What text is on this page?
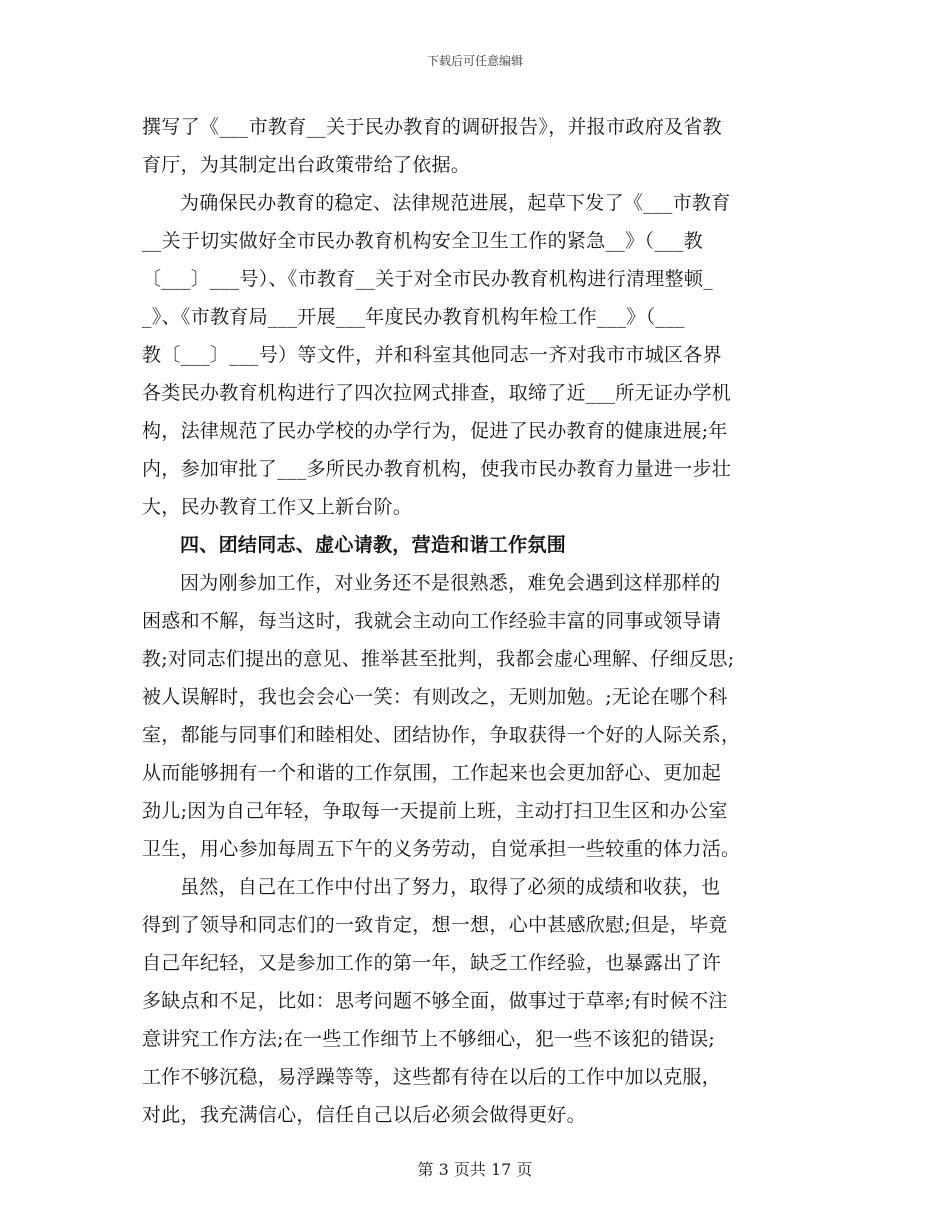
下载后可任意编辑
撰写了《___市教育__关于民办教育的调研报告》，并报市政府及省教
育厅，为其制定出台政策带给了依据。
为确保民办教育的稳定、法律规范进展，起草下发了《___市教育
__关于切实做好全市民办教育机构安全卫生工作的紧急__》（___教
〔___〕___号）、《市教育__关于对全市民办教育机构进行清理整顿_
_》、《市教育局___开展___年度民办教育机构年检工作___》（___
教〔___〕___号）等文件，并和科室其他同志一齐对我市市城区各界
各类民办教育机构进行了四次拉网式排查，取缔了近___所无证办学机
构，法律规范了民办学校的办学行为，促进了民办教育的健康进展;年
内，参加审批了___多所民办教育机构，使我市民办教育力量进一步壮
大，民办教育工作又上新台阶。
四、团结同志、虚心请教，营造和谐工作氛围
因为刚参加工作，对业务还不是很熟悉，难免会遇到这样那样的
困惑和不解，每当这时，我就会主动向工作经验丰富的同事或领导请
教;对同志们提出的意见、推举甚至批判，我都会虚心理解、仔细反思;
被人误解时，我也会会心一笑：有则改之，无则加勉。;无论在哪个科
室，都能与同事们和睦相处、团结协作，争取获得一个好的人际关系，
从而能够拥有一个和谐的工作氛围，工作起来也会更加舒心、更加起
劲儿;因为自己年轻，争取每一天提前上班，主动打扫卫生区和办公室
卫生，用心参加每周五下午的义务劳动，自觉承担一些较重的体力活。
虽然，自己在工作中付出了努力，取得了必须的成绩和收获，也
得到了领导和同志们的一致肯定，想一想，心中甚感欣慰;但是，毕竟
自己年纪轻，又是参加工作的第一年，缺乏工作经验，也暴露出了许
多缺点和不足，比如：思考问题不够全面，做事过于草率;有时候不注
意讲究工作方法;在一些工作细节上不够细心，犯一些不该犯的错误;
工作不够沉稳，易浮躁等等，这些都有待在以后的工作中加以克服，
对此，我充满信心，信任自己以后必须会做得更好。
第 3 页共 17 页
